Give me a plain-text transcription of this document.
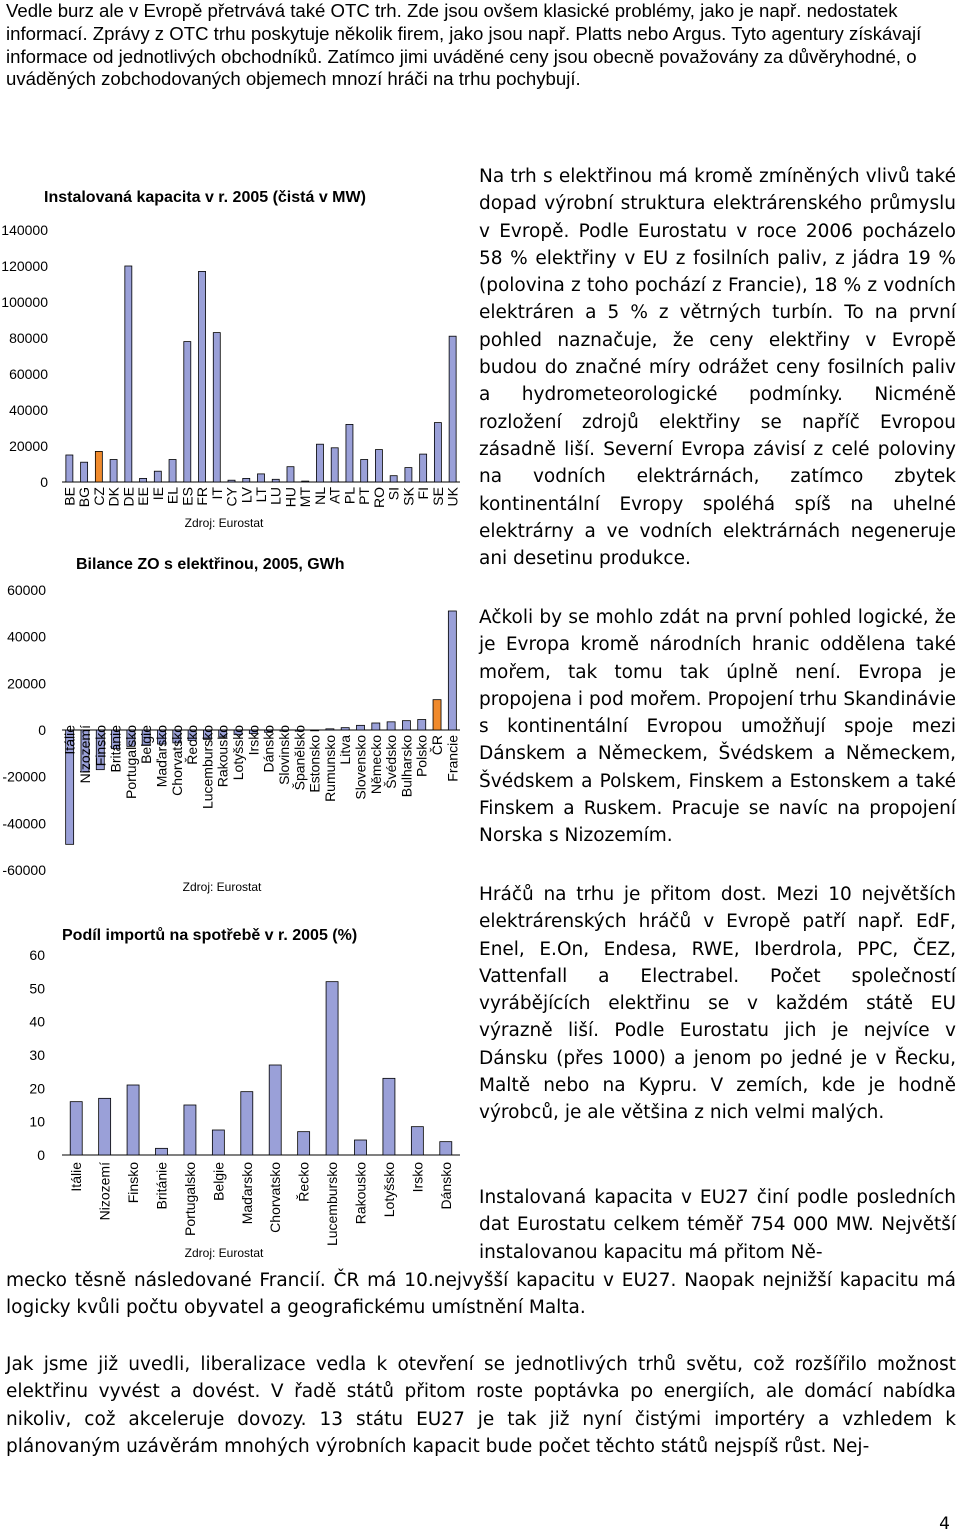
Vedle burz ale v Evropě přetrvává také OTC trh. Zde jsou ovšem klasické problémy, jako je např. nedostatek informací. Zprávy z OTC trhu poskytuje několik firem, jako jsou např. Platts nebo Argus. Tyto agentury získávají informace od jednotlivých obchodníků. Zatímco jimi uváděné ceny jsou obecně považovány za důvěryhodné, o uváděných zobchodovaných objemech mnozí hráči na trhu pochybují.

Na trh s elektřinou má kromě zmíněných vlivů také dopad výrobní struktura elektrárenského průmyslu v Evropě. Podle Eurostatu v roce 2006 pocházelo 58 % elektřiny v EU z fosilních paliv, z jádra 19 % (polovina z toho pochází z Francie), 18 % z vodních elektráren a 5 % z větrných turbín. To na první pohled naznačuje, že ceny elektřiny v Evropě budou do značné míry odrážet ceny fosilních paliv a hydrometeorologické podmínky. Nicméně rozložení zdrojů elektřiny se napříč Evropou zásadně liší. Severní Evropa závisí z celé poloviny na vodních elektrárnách, zatímco zbytek kontinentální Evropy spoléhá spíš na uhelné elektrárny a ve vodních elektrárnách negeneruje ani desetinu produkce.

Ačkoli by se mohlo zdát na první pohled logické, že je Evropa kromě národních hranic oddělena také mořem, tak tomu tak úplně není. Evropa je propojena i pod mořem. Propojení trhu Skandinávie s kontinentální Evropou umožňují spoje mezi Dánskem a Německem, Švédskem a Německem, Švédskem a Polskem, Finskem a Estonskem a také Finskem a Ruskem. Pracuje se navíc na propojení Norska s Nizozemím.

Hráčů na trhu je přitom dost. Mezi 10 největších elektrárenských hráčů v Evropě patří např. EdF, Enel, E.On, Endesa, RWE, Iberdrola, PPC, ČEZ, Vattenfall a Electrabel. Počet společností vyrábějících elektřinu se v každém státě EU výrazně liší. Podle Eurostatu jich je nejvíce v Dánsku (přes 1000) a jenom po jedné je v Řecku, Maltě nebo na Kypru. V zemích, kde je hodně výrobců, je ale většina z nich velmi malých.

Instalovaná kapacita v EU27 činí podle posledních dat Eurostatu celkem téměř 754 000 MW. Největší instalovanou kapacitu má přitom Ně-

mecko těsně následované Francií. ČR má 10.nejvyšší kapacitu v EU27. Naopak nejnižší kapacitu má logicky kvůli počtu obyvatel a geografickému umístnění Malta.

Jak jsme již uvedli, liberalizace vedla k otevření se jednotlivých trhů světu, což rozšířilo možnost elektřinu vyvést a dovést. V řadě států přitom roste poptávka po energiích, ale domácí nabídka nikoliv, což akceleruje dovozy. 13 státu EU27 je tak již nyní čistými importéry a vzhledem k plánovaným uzávěrám mnohých výrobních kapacit bude počet těchto států nejspíš růst. Nej-

4
Instalovaná kapacita v r. 2005 (čistá v MW)
0
20000
40000
60000
80000
100000
120000
140000
BE
BG
CZ
DK
DE
EE
IE
EL
ES
FR
IT
CY
LV
LT
LU
HU
MT
NL
AT
PL
PT
RO
SI
SK
FI
SE
UK
Zdroj: Eurostat
Bilance ZO s elektřinou, 2005, GWh
-60000
-40000
-20000
0
20000
40000
60000
Itálie Nizozemí Finsko Británie Portugalsko Belgie Maďarsko Chorvatsko Řecko Lucembursko Rakousko Lotyšsko Irsko Dánsko Slovinsko Španělsko Estonsko Rumunsko Litva Slovensko Německo Švédsko Bulharsko Polsko ČR Francie
Zdroj: Eurostat
Podíl importů na spotřebě v r. 2005 (%)
0
10
20
30
40
50
60
Itálie Nizozemí Finsko Británie Portugalsko Belgie Maďarsko Chorvatsko Řecko Lucembursko Rakousko Lotyšsko Irsko Dánsko
Zdroj: Eurostat
